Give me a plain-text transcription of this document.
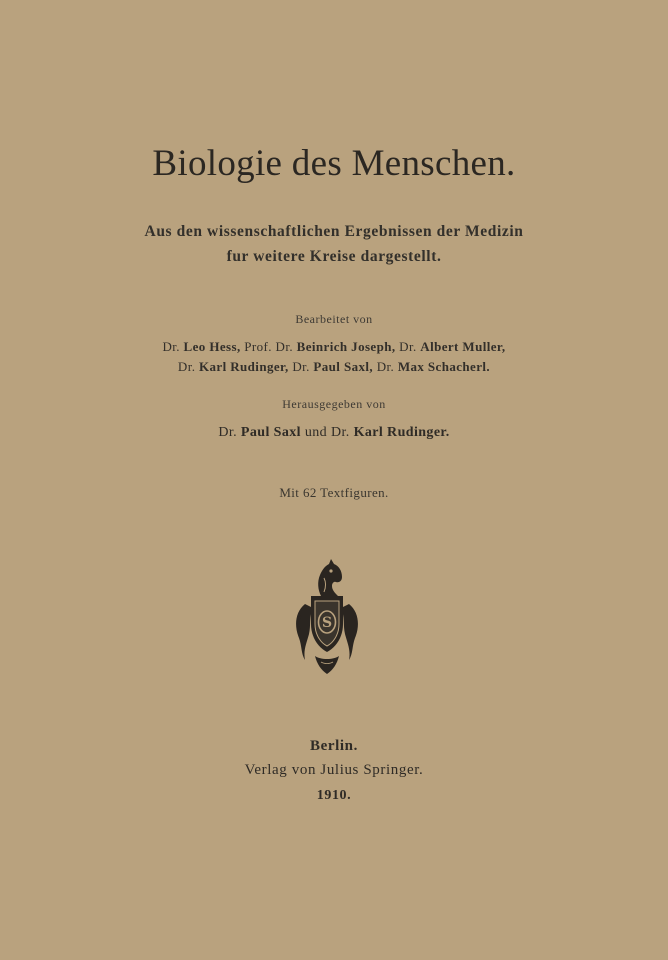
Biologie des Menschen.
Aus den wissenschaftlichen Ergebnissen der Medizin
fur weitere Kreise dargestellt.
Bearbeitet von
Dr. Leo Hess, Prof. Dr. Beinrich Joseph, Dr. Albert Muller,
Dr. Karl Rudinger, Dr. Paul Saxl, Dr. Max Schacherl.
Herausgegeben von
Dr. Paul Saxl und Dr. Karl Rudinger.
Mit 62 Textfiguren.
S
Berlin.
Verlag von Julius Springer.
1910.
